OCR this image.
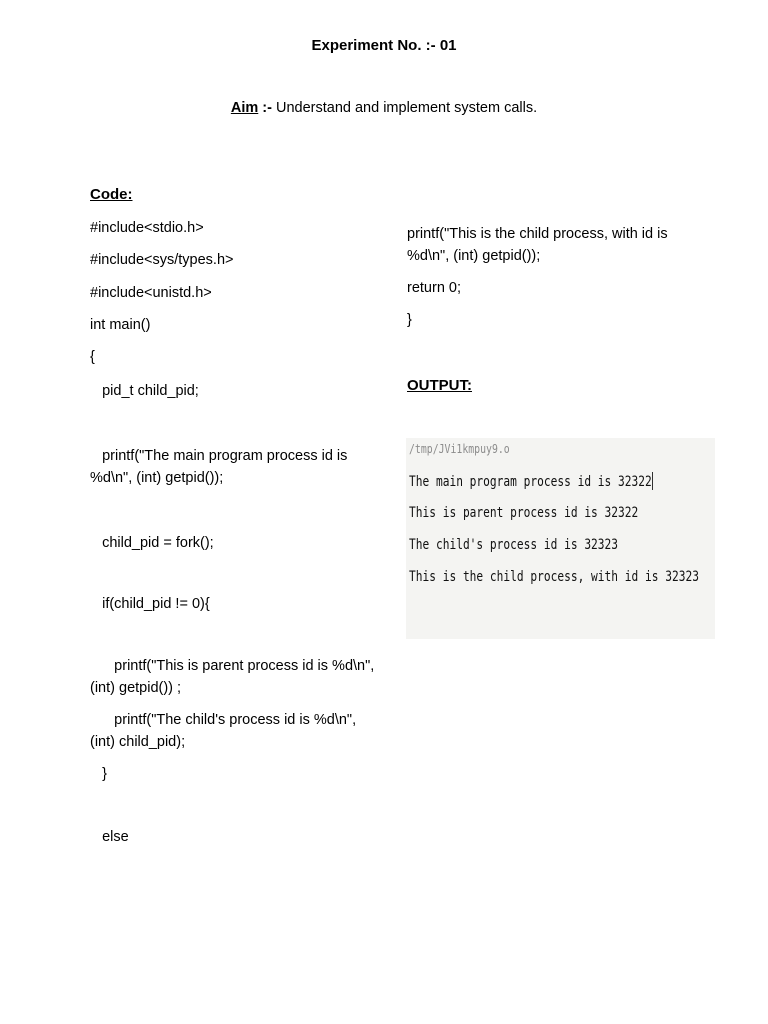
Experiment No. :- 01
Aim :- Understand and implement system calls.
Code:
#include<stdio.h>
#include<sys/types.h>
#include<unistd.h>
int main()
{
pid_t child_pid;
printf("The main program process id is %d\n", (int) getpid());
child_pid = fork();
if(child_pid != 0){
printf("This is parent process id is %d\n", (int) getpid()) ;
printf("The child's process id is %d\n", (int) child_pid);
}
else
printf("This is the child process, with id is %d\n", (int) getpid());
return 0;
}
OUTPUT:
/tmp/JVi1kmpuy9.o
The main program process id is 32322
This is parent process id is 32322
The child's process id is 32323
This is the child process, with id is 32323
